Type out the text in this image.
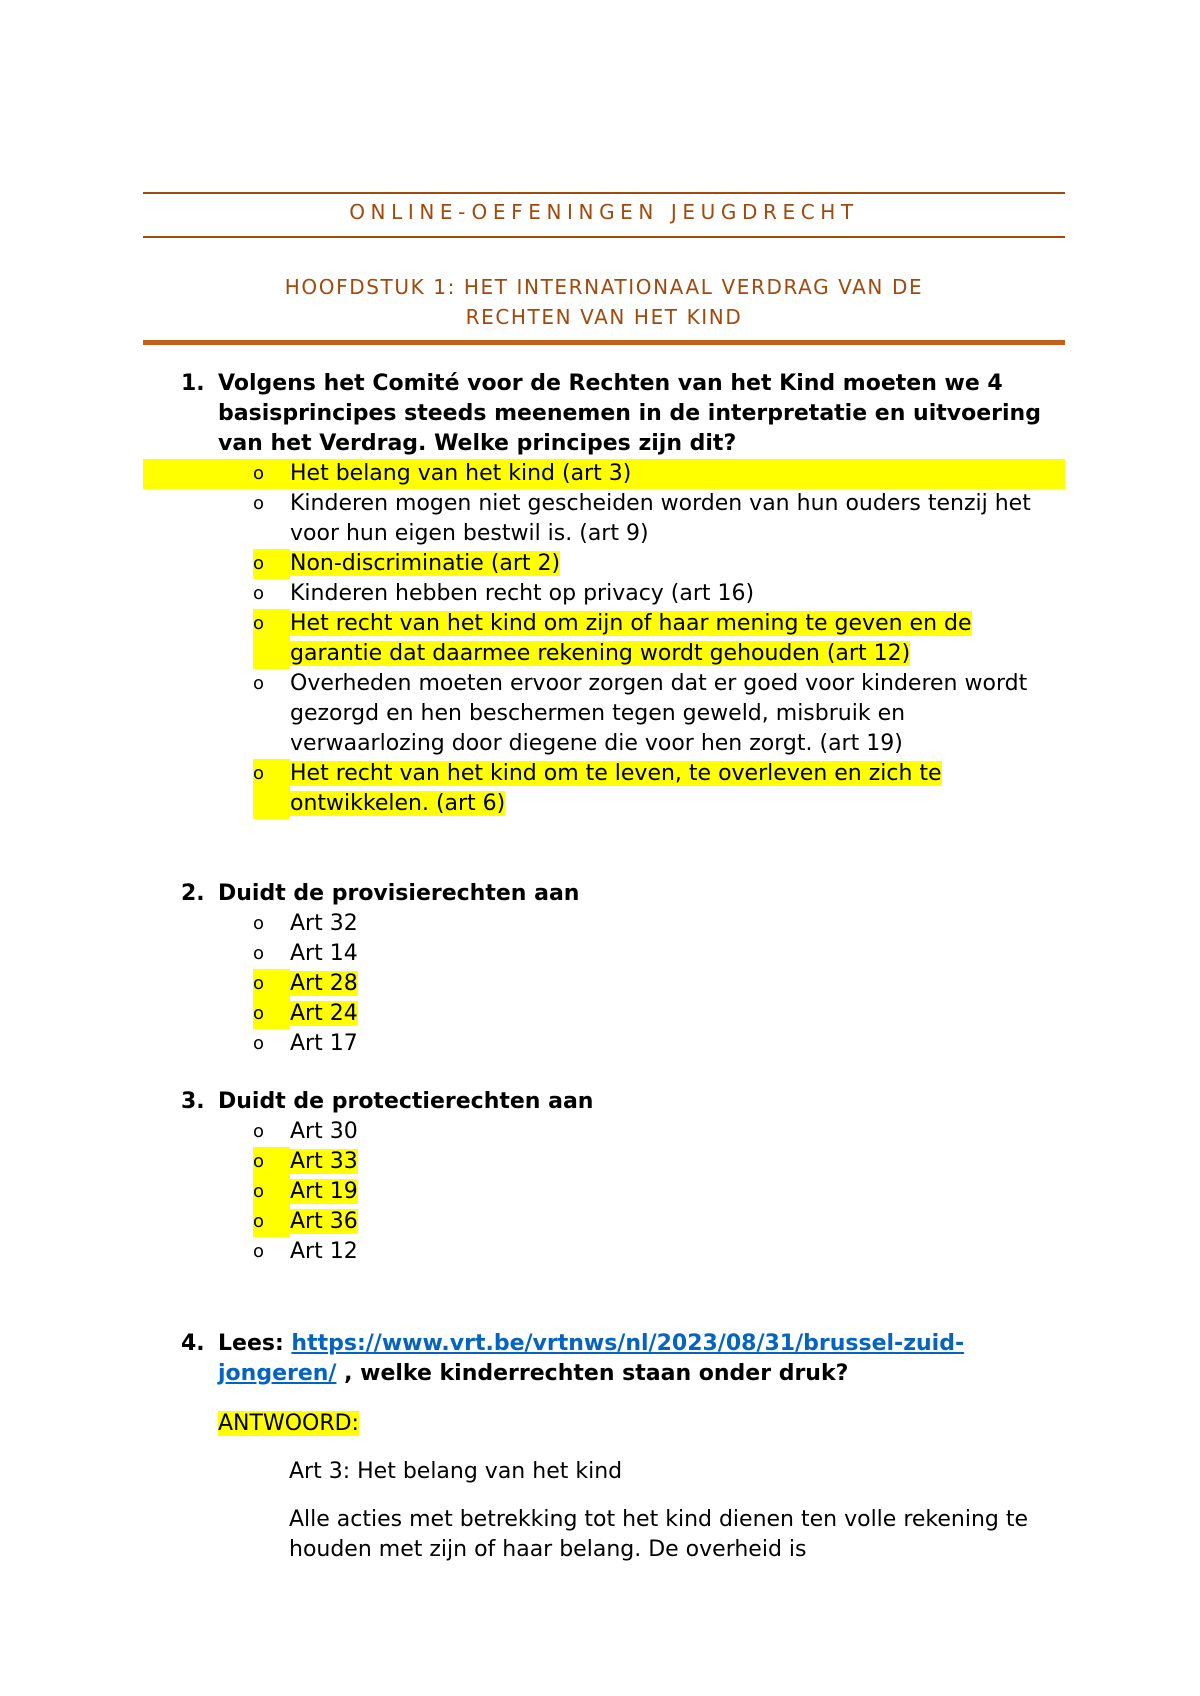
ONLINE-OEFENINGEN JEUGDRECHT
HOOFDSTUK 1: HET INTERNATIONAAL VERDRAG VAN DE
RECHTEN VAN HET KIND
1. Volgens het Comité voor de Rechten van het Kind moeten we 4 basisprincipes steeds meenemen in de interpretatie en uitvoering van het Verdrag. Welke principes zijn dit?
o	Het belang van het kind (art 3)
o	Kinderen mogen niet gescheiden worden van hun ouders tenzij het voor hun eigen bestwil is. (art 9)
o	Non-discriminatie (art 2)
o	Kinderen hebben recht op privacy (art 16)
o	Het recht van het kind om zijn of haar mening te geven en de garantie dat daarmee rekening wordt gehouden (art 12)
o	Overheden moeten ervoor zorgen dat er goed voor kinderen wordt gezorgd en hen beschermen tegen geweld, misbruik en verwaarlozing door diegene die voor hen zorgt. (art 19)
o	Het recht van het kind om te leven, te overleven en zich te ontwikkelen. (art 6)
2. Duidt de provisierechten aan
o	Art 32
o	Art 14
o	Art 28
o	Art 24
o	Art 17
3. Duidt de protectierechten aan
o	Art 30
o	Art 33
o	Art 19
o	Art 36
o	Art 12
4. Lees: https://www.vrt.be/vrtnws/nl/2023/08/31/brussel-zuid-jongeren/ , welke kinderrechten staan onder druk?
ANTWOORD:
Art 3: Het belang van het kind
Alle acties met betrekking tot het kind dienen ten volle rekening te houden met zijn of haar belang. De overheid is
